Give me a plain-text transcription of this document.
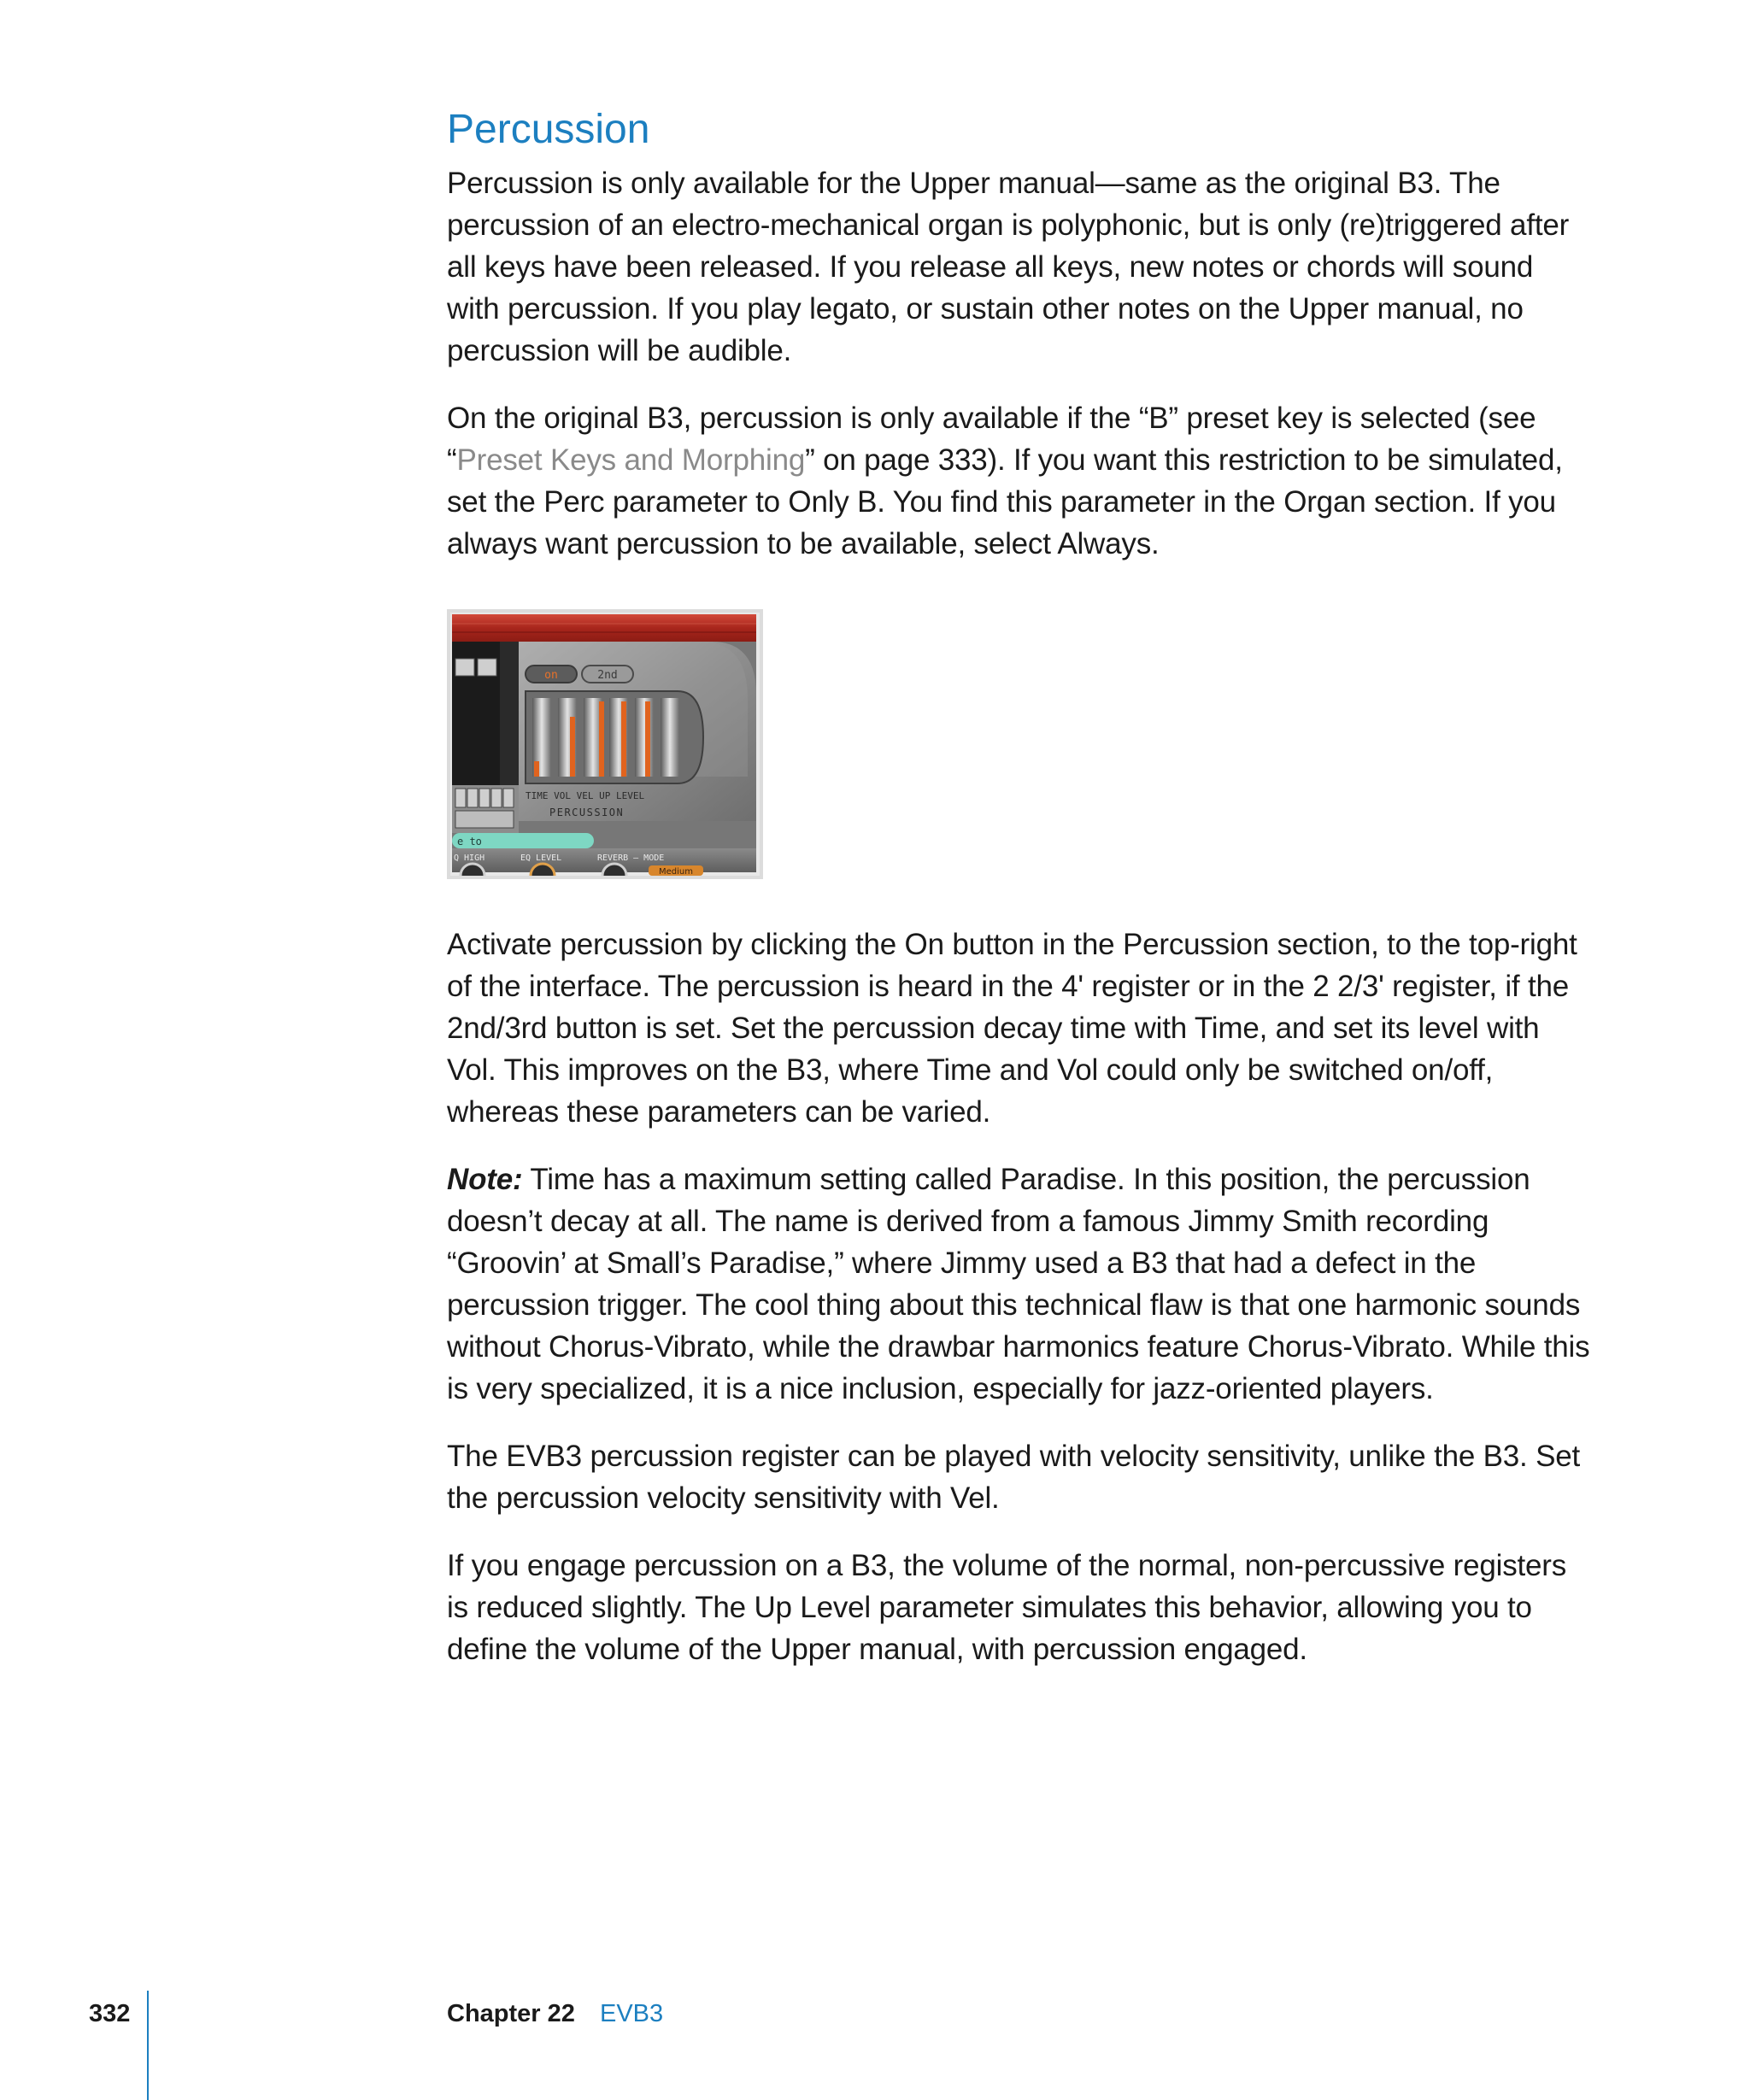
Percussion

Percussion is only available for the Upper manual—same as the original B3. The percussion of an electro-mechanical organ is polyphonic, but is only (re)triggered after all keys have been released. If you release all keys, new notes or chords will sound with percussion. If you play legato, or sustain other notes on the Upper manual, no percussion will be audible.

On the original B3, percussion is only available if the “B” preset key is selected (see “Preset Keys and Morphing” on page 333). If you want this restriction to be simulated, set the Perc parameter to Only B. You find this parameter in the Organ section. If you always want percussion to be available, select Always.

on	2nd
TIME VOL VEL UP LEVEL
PERCUSSION
e to
Q HIGH	EQ LEVEL	REVERB – MODE
Medium

Activate percussion by clicking the On button in the Percussion section, to the top-right of the interface. The percussion is heard in the 4' register or in the 2 2/3' register, if the 2nd/3rd button is set. Set the percussion decay time with Time, and set its level with Vol. This improves on the B3, where Time and Vol could only be switched on/off, whereas these parameters can be varied.

Note: Time has a maximum setting called Paradise. In this position, the percussion doesn’t decay at all. The name is derived from a famous Jimmy Smith recording “Groovin’ at Small’s Paradise,” where Jimmy used a B3 that had a defect in the percussion trigger. The cool thing about this technical flaw is that one harmonic sounds without Chorus-Vibrato, while the drawbar harmonics feature Chorus-Vibrato. While this is very specialized, it is a nice inclusion, especially for jazz-oriented players.

The EVB3 percussion register can be played with velocity sensitivity, unlike the B3. Set the percussion velocity sensitivity with Vel.

If you engage percussion on a B3, the volume of the normal, non-percussive registers is reduced slightly. The Up Level parameter simulates this behavior, allowing you to define the volume of the Upper manual, with percussion engaged.

332	Chapter 22 EVB3
